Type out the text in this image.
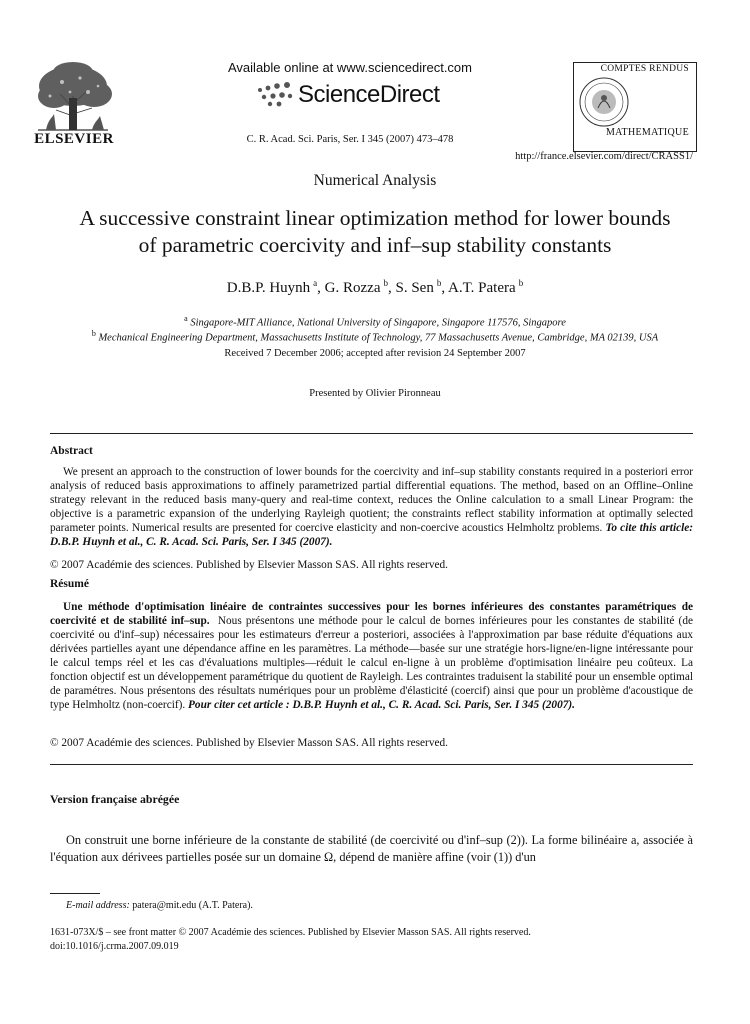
ELSEVIER
Available online at www.sciencedirect.com
ScienceDirect
C. R. Acad. Sci. Paris, Ser. I 345 (2007) 473–478
COMPTES RENDUS
MATHEMATIQUE
http://france.elsevier.com/direct/CRASS1/
Numerical Analysis
A successive constraint linear optimization method for lower bounds
of parametric coercivity and inf–sup stability constants
D.B.P. Huynh  $^a$, G. Rozza  $^b$, S. Sen  $^b$, A.T. Patera  $^b$
$^a$ Singapore-MIT Alliance, National University of Singapore, Singapore 117576, Singapore
$^b$ Mechanical Engineering Department, Massachusetts Institute of Technology, 77 Massachusetts Avenue, Cambridge, MA 02139, USA
Received 7 December 2006; accepted after revision 24 September 2007
Presented by Olivier Pironneau
Abstract

We present an approach to the construction of lower bounds for the coercivity and inf–sup stability constants required in a posteriori error analysis of reduced basis approximations to affinely parametrized partial differential equations. The method, based on an Offline–Online strategy relevant in the reduced basis many-query and real-time context, reduces the Online calculation to a small Linear Program: the objective is a parametric expansion of the underlying Rayleigh quotient; the constraints reflect stability information at optimally selected parameter points. Numerical results are presented for coercive elasticity and non-coercive acoustics Helmholtz problems. To cite this article: D.B.P. Huynh et al., C. R. Acad. Sci. Paris, Ser. I 345 (2007).

© 2007 Académie des sciences. Published by Elsevier Masson SAS. All rights reserved.
Résumé

Une méthode d'optimisation linéaire de contraintes successives pour les bornes inférieures des constantes paramétriques de coercivité et de stabilité inf–sup. Nous présentons une méthode pour le calcul de bornes inférieures pour les constantes de stabilité (de coercivité ou d'inf–sup) nécessaires pour les estimateurs d'erreur a posteriori, associées à l'approximation par base réduite d'équations aux dérivées partielles ayant une dépendance affine en les paramètres. La méthode—basée sur une stratégie hors-ligne/en-ligne intéressante pour le calcul temps réel et les cas d'évaluations multiples—réduit le calcul en-ligne à un problème d'optimisation linéaire peu coûteux. La fonction objectif est un développement paramétrique du quotient de Rayleigh. Les contraintes traduisent la stabilité pour un ensemble optimal de paramétres. Nous présentons des résultats numériques pour un problème d'élasticité (coercif) ainsi que pour un problème d'acoustique de type Helmholtz (non-coercif). Pour citer cet article : D.B.P. Huynh et al., C. R. Acad. Sci. Paris, Ser. I 345 (2007).

© 2007 Académie des sciences. Published by Elsevier Masson SAS. All rights reserved.
Version française abrégée

On construit une borne inférieure de la constante de stabilité (de coercivité ou d'inf–sup (2)). La forme bilinéaire a, associée à l'équation aux dérivees partielles posée sur un domaine Ω, dépend de manière affine (voir (1)) d'un

E-mail address: patera@mit.edu (A.T. Patera).
1631-073X/$ – see front matter © 2007 Académie des sciences. Published by Elsevier Masson SAS. All rights reserved.
doi:10.1016/j.crma.2007.09.019
